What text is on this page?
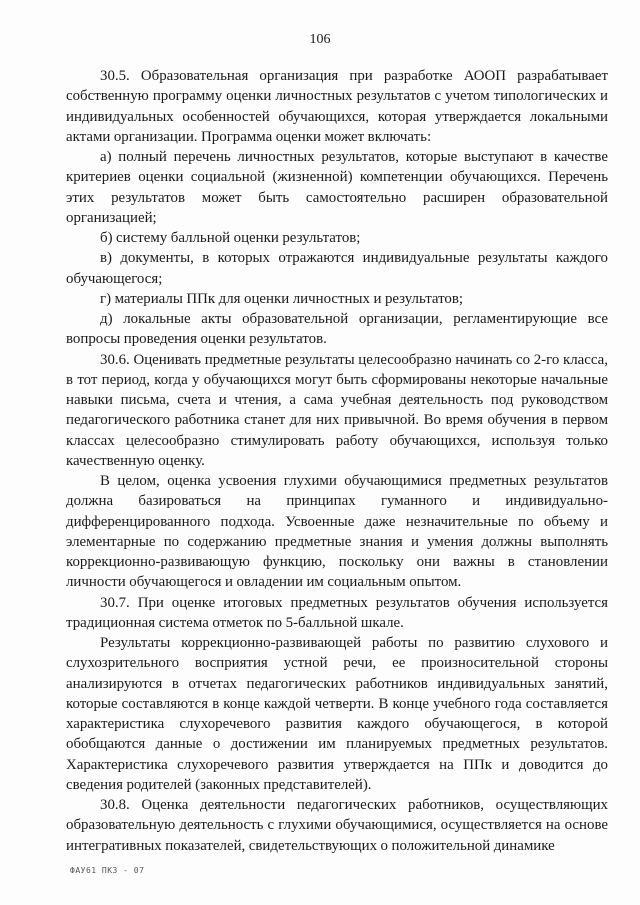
106

30.5. Образовательная организация при разработке АООП разрабатывает собственную программу оценки личностных результатов с учетом типологических и индивидуальных особенностей обучающихся, которая утверждается локальными актами организации. Программа оценки может включать:

а) полный перечень личностных результатов, которые выступают в качестве критериев оценки социальной (жизненной) компетенции обучающихся. Перечень этих результатов может быть самостоятельно расширен образовательной организацией;

б) систему балльной оценки результатов;

в) документы, в которых отражаются индивидуальные результаты каждого обучающегося;

г) материалы ППк для оценки личностных и результатов;

д) локальные акты образовательной организации, регламентирующие все вопросы проведения оценки результатов.

30.6. Оценивать предметные результаты целесообразно начинать со 2-го класса, в тот период, когда у обучающихся могут быть сформированы некоторые начальные навыки письма, счета и чтения, а сама учебная деятельность под руководством педагогического работника станет для них привычной. Во время обучения в первом классах целесообразно стимулировать работу обучающихся, используя только качественную оценку.

В целом, оценка усвоения глухими обучающимися предметных результатов должна базироваться на принципах гуманного и индивидуально-дифференцированного подхода. Усвоенные даже незначительные по объему и элементарные по содержанию предметные знания и умения должны выполнять коррекционно-развивающую функцию, поскольку они важны в становлении личности обучающегося и овладении им социальным опытом.

30.7. При оценке итоговых предметных результатов обучения используется традиционная система отметок по 5-балльной шкале.

Результаты коррекционно-развивающей работы по развитию слухового и слухозрительного восприятия устной речи, ее произносительной стороны анализируются в отчетах педагогических работников индивидуальных занятий, которые составляются в конце каждой четверти. В конце учебного года составляется характеристика слухоречевого развития каждого обучающегося, в которой обобщаются данные о достижении им планируемых предметных результатов. Характеристика слухоречевого развития утверждается на ППк и доводится до сведения родителей (законных представителей).

30.8. Оценка деятельности педагогических работников, осуществляющих образовательную деятельность с глухими обучающимися, осуществляется на основе интегративных показателей, свидетельствующих о положительной динамике

ФАУ61 ПКЗ - 07
